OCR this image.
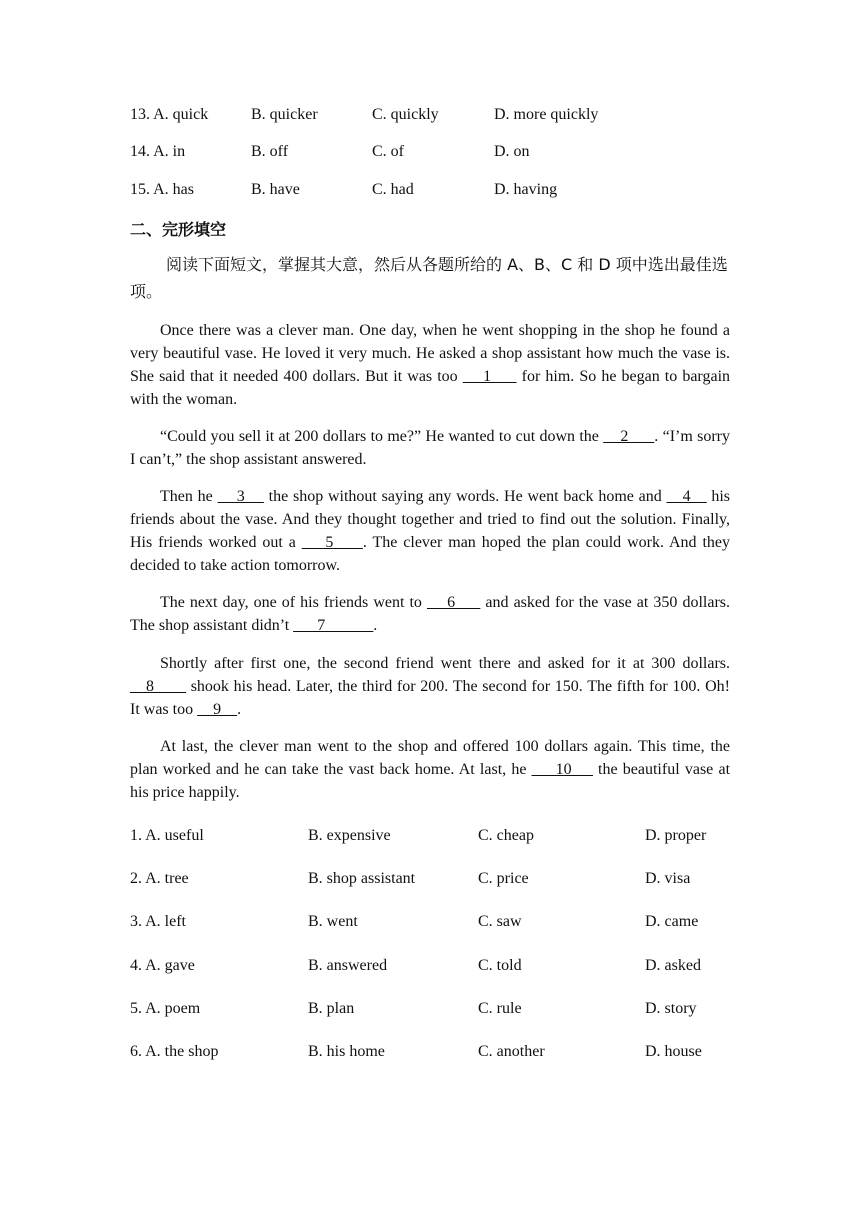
13. A. quick	B. quicker	C. quickly	D. more quickly
14. A. in	B. off	C. of	D. on
15. A. has	B. have	C. had	D. having
二、完形填空
阅读下面短文，掌握其大意，然后从各题所给的 A、B、C 和 D 项中选出最佳选项。
Once there was a clever man. One day, when he went shopping in the shop he found a very beautiful vase. He loved it very much. He asked a shop assistant how much the vase is. She said that it needed 400 dollars. But it was too     1      for him. So he began to bargain with the woman.
“Could you sell it at 200 dollars to me?” He wanted to cut down the     2      . “I’m sorry I can’t,” the shop assistant answered.
Then he     3     the shop without saying any words. He went back home and __4__ his friends about the vase. And they thought together and tried to find out the solution. Finally, His friends worked out a     5     . The clever man hoped the plan could work. And they decided to take action tomorrow.
The next day, one of his friends went to     6      and asked for the vase at 350 dollars. The shop assistant didn’t ___7______.
Shortly after first one, the second friend went there and asked for it at 300 dollars. __8____ shook his head. Later, the third for 200. The second for 150. The fifth for 100. Oh! It was too     9    .
At last, the clever man went to the shop and offered 100 dollars again. This time, the plan worked and he can take the vast back home. At last, he ___10_ _ the beautiful vase at his price happily.
1. A. useful	B. expensive	C. cheap	D. proper
2. A. tree	B. shop assistant	C. price	D. visa
3. A. left	B. went	C. saw	D. came
4. A. gave	B. answered	C. told	D. asked
5. A. poem	B. plan	C. rule	D. story
6. A. the shop	B. his home	C. another	D. house
